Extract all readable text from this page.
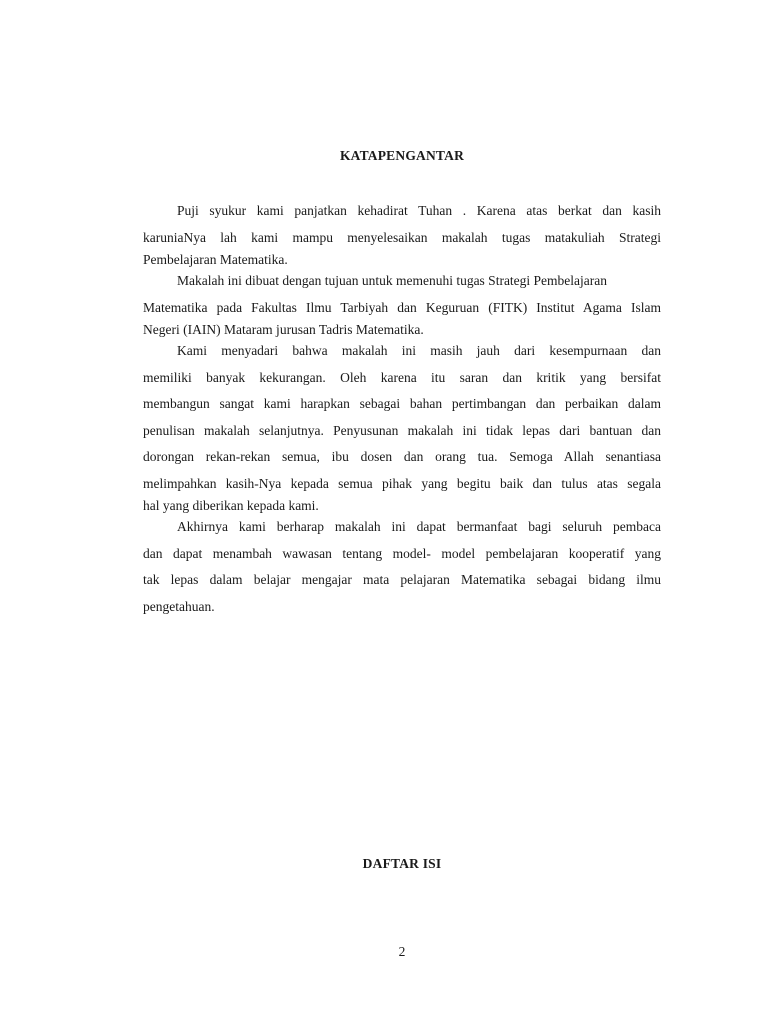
KATAPENGANTAR
Puji syukur kami panjatkan kehadirat Tuhan . Karena atas berkat dan kasih
karuniaNya lah kami mampu menyelesaikan makalah tugas matakuliah Strategi
Pembelajaran Matematika.
Makalah ini dibuat dengan tujuan untuk memenuhi tugas Strategi Pembelajaran
Matematika pada Fakultas Ilmu Tarbiyah dan Keguruan (FITK) Institut Agama Islam
Negeri (IAIN) Mataram jurusan Tadris Matematika.
Kami menyadari bahwa makalah ini masih jauh dari kesempurnaan dan
memiliki banyak kekurangan. Oleh karena itu saran dan kritik yang bersifat
membangun sangat kami harapkan sebagai bahan pertimbangan dan perbaikan dalam
penulisan makalah selanjutnya. Penyusunan makalah ini tidak lepas dari bantuan dan
dorongan rekan-rekan semua, ibu dosen dan orang tua. Semoga Allah senantiasa
melimpahkan kasih-Nya kepada semua pihak yang begitu baik dan tulus atas segala
hal yang diberikan kepada kami.
Akhirnya kami berharap makalah ini dapat bermanfaat bagi seluruh pembaca
dan dapat menambah wawasan tentang model- model pembelajaran kooperatif yang
tak lepas dalam belajar mengajar mata pelajaran Matematika sebagai bidang ilmu
pengetahuan.
DAFTAR ISI
2
